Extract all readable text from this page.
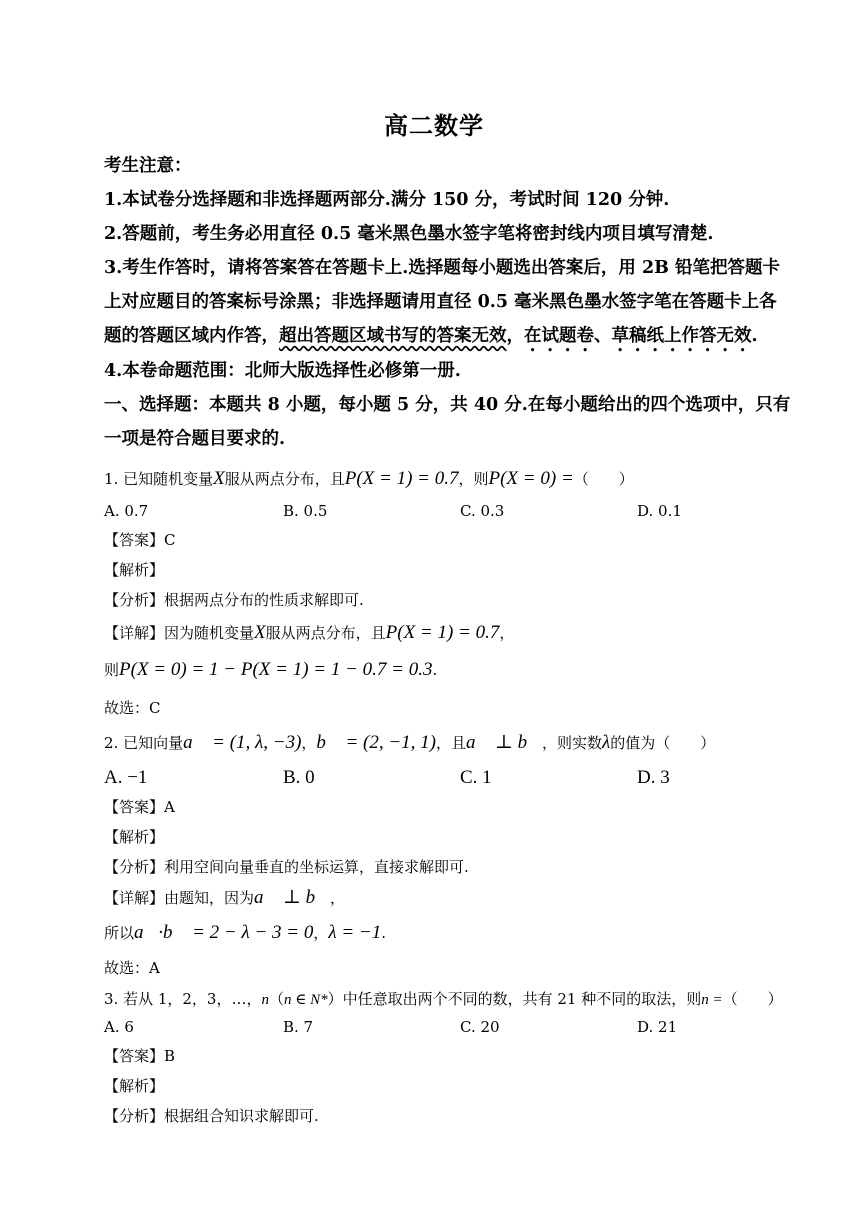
高二数学
考生注意：
1.本试卷分选择题和非选择题两部分.满分 150 分，考试时间 120 分钟.
2.答题前，考生务必用直径 0.5 毫米黑色墨水签字笔将密封线内项目填写清楚.
3.考生作答时，请将答案答在答题卡上.选择题每小题选出答案后，用 2B 铅笔把答题卡
上对应题目的答案标号涂黑；非选择题请用直径 0.5 毫米黑色墨水签字笔在答题卡上各
题的答题区域内作答，超出答题区域书写的答案无效，在试题卷、草稿纸上作答无效.
4.本卷命题范围：北师大版选择性必修第一册.
一、选择题：本题共 8 小题，每小题 5 分，共 40 分.在每小题给出的四个选项中，只有
一项是符合题目要求的.
1. 已知随机变量X服从两点分布，且P(X = 1) = 0.7，则P(X = 0) =（　　）
A. 0.7	B. 0.5	C. 0.3	D. 0.1
【答案】C
【解析】
【分析】根据两点分布的性质求解即可.
【详解】因为随机变量X服从两点分布，且P(X = 1) = 0.7，
则P(X = 0) = 1 − P(X = 1) = 1 − 0.7 = 0.3.
故选：C
2. 已知向量a⃗ = (1, λ, −3)，b⃗ = (2, −1, 1)，且a⃗ ⊥ b⃗，则实数λ的值为（　　）
A. −1	B. 0	C. 1	D. 3
【答案】A
【解析】
【分析】利用空间向量垂直的坐标运算，直接求解即可.
【详解】由题知，因为a⃗ ⊥ b⃗，
所以a⃗·b⃗ = 2 − λ − 3 = 0，λ = −1.
故选：A
3. 若从 1，2，3，…，n（n ∈ N*）中任意取出两个不同的数，共有 21 种不同的取法，则n =（　　）
A. 6	B. 7	C. 20	D. 21
【答案】B
【解析】
【分析】根据组合知识求解即可.
